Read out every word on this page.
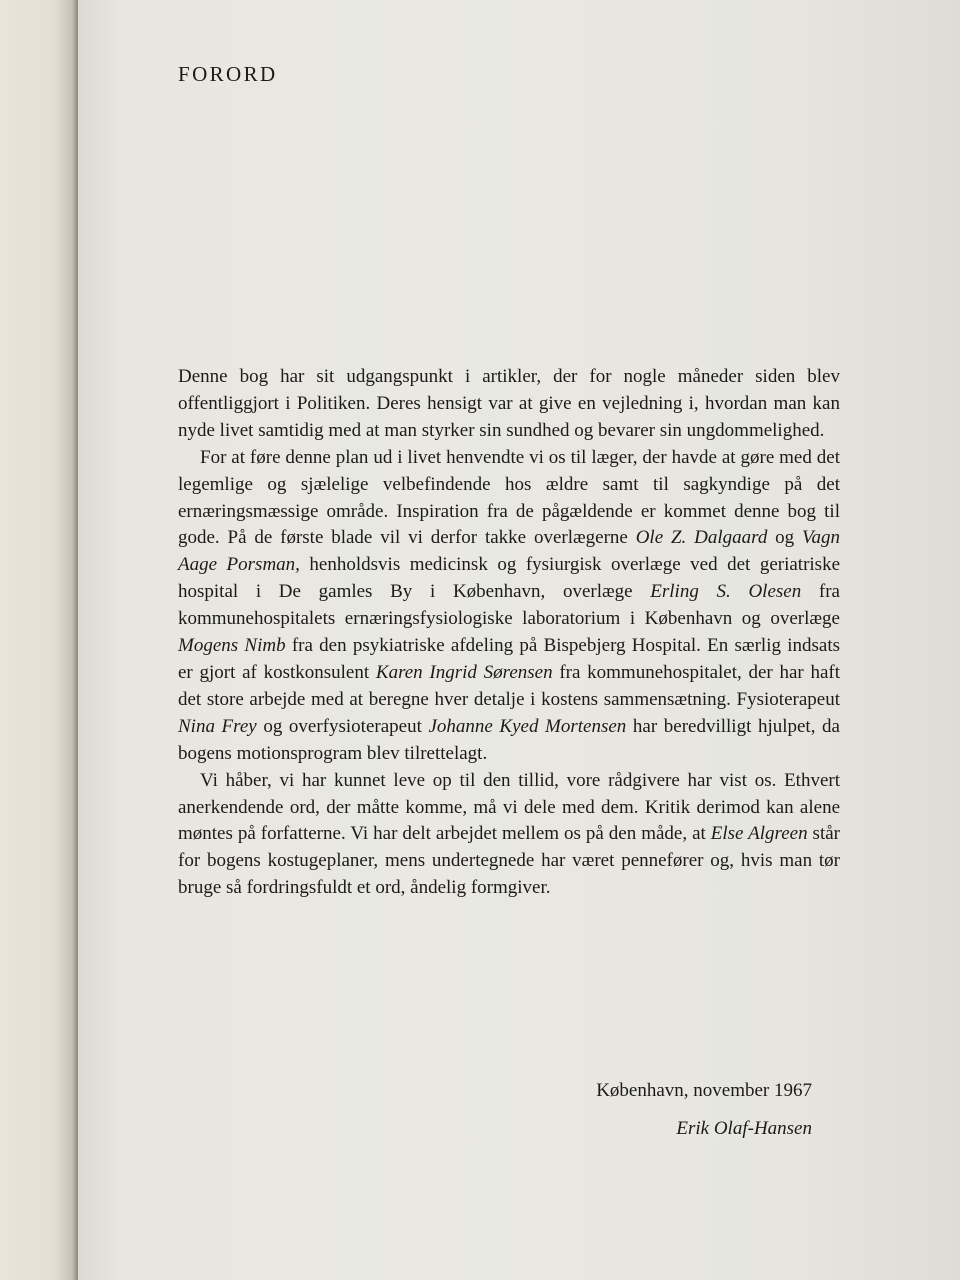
FORORD

Denne bog har sit udgangspunkt i artikler, der for nogle måneder siden blev offentliggjort i Politiken. Deres hensigt var at give en vejledning i, hvordan man kan nyde livet samtidig med at man styrker sin sundhed og bevarer sin ungdommelighed.

For at føre denne plan ud i livet henvendte vi os til læger, der havde at gøre med det legemlige og sjælelige velbefindende hos ældre samt til sagkyndige på det ernæringsmæssige område. Inspiration fra de pågældende er kommet denne bog til gode. På de første blade vil vi derfor takke overlægerne Ole Z. Dalgaard og Vagn Aage Porsman, henholdsvis medicinsk og fysiurgisk overlæge ved det geriatriske hospital i De gamles By i København, overlæge Erling S. Olesen fra kommunehospitalets ernæringsfysiologiske laboratorium i København og overlæge Mogens Nimb fra den psykiatriske afdeling på Bispebjerg Hospital. En særlig indsats er gjort af kostkonsulent Karen Ingrid Sørensen fra kommunehospitalet, der har haft det store arbejde med at beregne hver detalje i kostens sammensætning. Fysioterapeut Nina Frey og overfysioterapeut Johanne Kyed Mortensen har beredvilligt hjulpet, da bogens motionsprogram blev tilrettelagt.

Vi håber, vi har kunnet leve op til den tillid, vore rådgivere har vist os. Ethvert anerkendende ord, der måtte komme, må vi dele med dem. Kritik derimod kan alene møntes på forfatterne. Vi har delt arbejdet mellem os på den måde, at Else Algreen står for bogens kostugeplaner, mens undertegnede har været pennefører og, hvis man tør bruge så fordringsfuldt et ord, åndelig formgiver.

København, november 1967

Erik Olaf-Hansen
